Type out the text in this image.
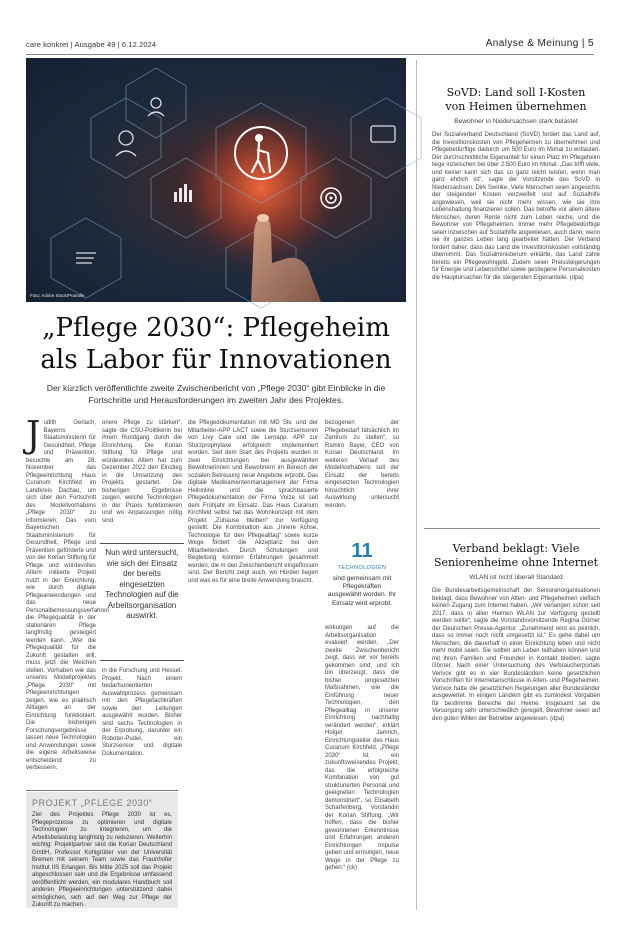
care konkret | Ausgabe 49 | 6.12.2024	Analyse & Meinung | 5
Foto: Adobe Stock/Pranulle
„Pflege 2030“: Pflegeheim
als Labor für Innovationen
Der kürzlich veröffentlichte zweite Zwischenbericht von „Pflege 2030“ gibt Einblicke in die Fortschritte und Herausforderungen im zweiten Jahr des Projektes.
J udith Gerlach, Bayerns Staatsministerin für Gesundheit, Pflege und Prävention, besuchte am 28. November das Pflegeeinrichtung Haus Curanum Kirchfeld im Landkreis Dachau, um sich über den Fortschritt des Modellvorhabens „Pflege 2030“ zu informieren. Das vom Bayerischen Staatsministerium für Gesundheit, Pflege und Prävention geförderte und von der Korian Stiftung für Pflege und würdevolles Altern initiierte Projekt nutzt in der Einrichtung, wie durch digitale Pflegeanwendungen und das neue Personalbemessungsverfahren die Pflegequalität in der stationären Pflege langfristig gesteigert werden kann. „Wer die Pflegequalität für die Zukunft gestalten will, muss jetzt die Weichen stellen. Vorhaben wie das unseres Modellprojektes „Pflege 2030“ mit Pflegeeinrichtungen zeigen, wie es praktisch Alltagen an der Einrichtung funktioniert. Die bisherigen Forschungsergebnisse lassen neue Technologien und Anwendungen sowie die eigene Arbeitsweise entscheidend zu verbessern.
onere Pflege zu stärken“, sagte die CSU-Politikerin bei ihrem Rundgang durch die Einrichtung. Die Korian Stiftung für Pflege und würdevolles Altern hat zum Dezember 2022 den Einstieg in die Umsetzung des Projekts gestartet. Die bisherigen Ergebnisse zeigen, welche Technologien in der Praxis funktionieren und wo Anpassungen nötig sind.
Nun wird untersucht, wie sich der Einsatz der bereits eingesetzten Technologien auf die Arbeitsorganisation auswirkt.
in die Forschung und Hessel. Projekt. Nach einem bedarfsorientierten Auswahlprozess gemeinsam mit den Pflegefachkräften sowie den Leitungen ausgewählt wurden. Bisher sind sechs Technologien in der Erprobung, darunter ein Roboter-Pudel, ein Sturzsensor und digitale Dokumentation.
die Pflegedokumentation mit MD Stv. und der Mitarbeiter-APP LACT sowie die Sturzsensoren von Livy Care und die Lernapp. APP zur Sturzprophylaxe erfolgreich implementiert worden. Seit dem Start des Projekts wurden in zwei Einrichtungen bei ausgewählten Bewohnerinnen und Bewohnern im Bereich der sozialen Betreuung neue Angebote erprobt. Das digitale Medikamentenmanagement der Firma Hellonline und die sprachbasierte Pflegedokumentation der Firma Voize ist seit dem Frühjahr im Einsatz. Das Haus Curanum Kirchfeld selbst hat das Wohnkonzept mit dem Projekt „Zuhause bleiben“ zur Verfügung gestellt. Die Kombination aus „Innere Achse, Technologie für den Pflegealltag“ sowie kurze Wege fördert die Akzeptanz bei den Mitarbeitenden. Durch Schulungen und Begleitung konnten Erfahrungen gesammelt werden, die in den Zwischenbericht eingeflossen sind. Der Bericht zeigt auch, wo Hürden liegen und was es für eine breite Anwendung braucht.
bezogenen der Pflegebedarf tatsächlich im Zentrum zu stellen“, so Ramiro Bayer, CEO von Korian Deutschland. Im weiteren Verlauf des Modellvorhabens soll der Einsatz der bereits eingesetzten Technologien hinsichtlich ihrer Auswirkung untersucht werden.
11
TECHNOLOGIEN
sind gemeinsam mit Pflegekräften ausgewählt worden. Ihr Einsatz wird erprobt.
wirkungen auf die Arbeitsorganisation evaluiert werden. „Der zweite Zwischenbericht zeigt, dass wir vor bereits gekommen sind, und ich bin überzeugt, dass die bisher umgesetzten Maßnahmen, wie die Einführung neuer Technologien, den Pflegealltag in unserer Einrichtung nachhaltig verändert werden“, erklärt Holger Jamrich, Einrichtungsleiter des Haus Curanum Kirchfeld. „Pflege 2030“ ist ein zukunftsweisendes Projekt, das die erfolgreiche Kombination von gut strukturierten Personal und geeigneten Technologien demonstriert“, so Elisabeth Scharfenberg, Vorstandin der Korian Stiftung. „Wir hoffen, dass die bisher gewonnenen Erkenntnisse und Erfahrungen anderen Einrichtungen Impulse geben und ermutigen, neue Wege in der Pflege zu gehen.“ (ck)
PROJEKT „PFLEGE 2030“
Ziel des Projektes Pflege 2030 ist es, Pflegeprozesse zu optimieren und digitale Technologien zu integrieren, um die Arbeitsbelastung langfristig zu reduzieren. Weiterhin wichtig: Projektpartner sind die Korian Deutschland GmbH, Professor Kohlgrüber von der Universität Bremen mit seinem Team sowie das Fraunhofer Institut IIS Erlangen. Bis Mitte 2025 soll das Projekt abgeschlossen sein und die Ergebnisse umfassend veröffentlicht werden, ein modulares Handbuch soll anderen Pflegeeinrichtungen unterstützend dabei ermöglichen, sich auf den Weg zur Pflege der Zukunft zu machen.
SoVD: Land soll I-Kosten
von Heimen übernehmen
Bewohner in Niedersachsen stark belastet
Der Sozialverband Deutschland (SoVD) fordert das Land auf, die Investitionskosten von Pflegeheimen zu übernehmen und Pflegebedürftige dadurch um 500 Euro im Monat zu entlasten. Der durchschnittliche Eigenanteil für einen Platz im Pflegeheim liege inzwischen bei über 2.500 Euro im Monat. „Das trifft viele, und keiner kann sich das so ganz leicht leisten, wenn man ganz ehrlich ist“, sagte der Vorsitzende des SoVD in Niedersachsen, Dirk Swinke. Viele Menschen seien angesichts der steigenden Kosten verzweifelt und auf Sozialhilfe angewiesen, weil sie nicht mehr wissen, wie sie ihre Lebenshaltung finanzieren sollen. Das betreffe vor allem ältere Menschen, deren Rente nicht zum Leben reiche, und die Bewohner von Pflegeheimen. Immer mehr Pflegebedürftige seien inzwischen auf Sozialhilfe angewiesen, auch dann, wenn sie ihr ganzes Leben lang gearbeitet hätten. Der Verband fordert daher, dass das Land die Investitionskosten vollständig übernimmt. Das Sozialministerium erklärte, das Land zahle bereits ein Pflegewohngeld. Zudem seien Preissteigerungen für Energie und Lebensmittel sowie gestiegene Personalkosten die Hauptursachen für die steigenden Eigenanteile. (dpa)
Verband beklagt: Viele
Seniorenheime ohne Internet
WLAN ist nicht überall Standard
Die Bundesarbeitsgemeinschaft der Seniorenorganisationen beklagt, dass Bewohner von Alten- und Pflegeheimen vielfach keinen Zugang zum Internet haben. „Wir verlangen schon seit 2017, dass in allen Heimen WLAN zur Verfügung gestellt werden sollte“, sagte die Vorstandsvorsitzende Regina Görner der Deutschen Presse-Agentur. „Zunehmend wird es peinlich, dass so immer noch nicht umgesetzt ist.“ Es gehe dabei um Menschen, die dauerhaft in einer Einrichtung leben und nicht mehr mobil seien. Sie sollten am Leben teilhaben können und mit ihren Familien und Freunden in Kontakt bleiben, sagte Görner. Nach einer Untersuchung des Verbraucherportals Verivox gibt es in vier Bundesländern keine gesetzlichen Vorschriften für Internetanschlüsse in Alten- und Pflegeheimen. Verivox hatte die gesetzlichen Regelungen aller Bundesländer ausgewertet. In einigen Ländern gibt es zumindest Vorgaben für bestimmte Bereiche der Heime. Insgesamt sei die Versorgung sehr unterschiedlich geregelt, Bewohner seien auf den guten Willen der Betreiber angewiesen. (dpa)
